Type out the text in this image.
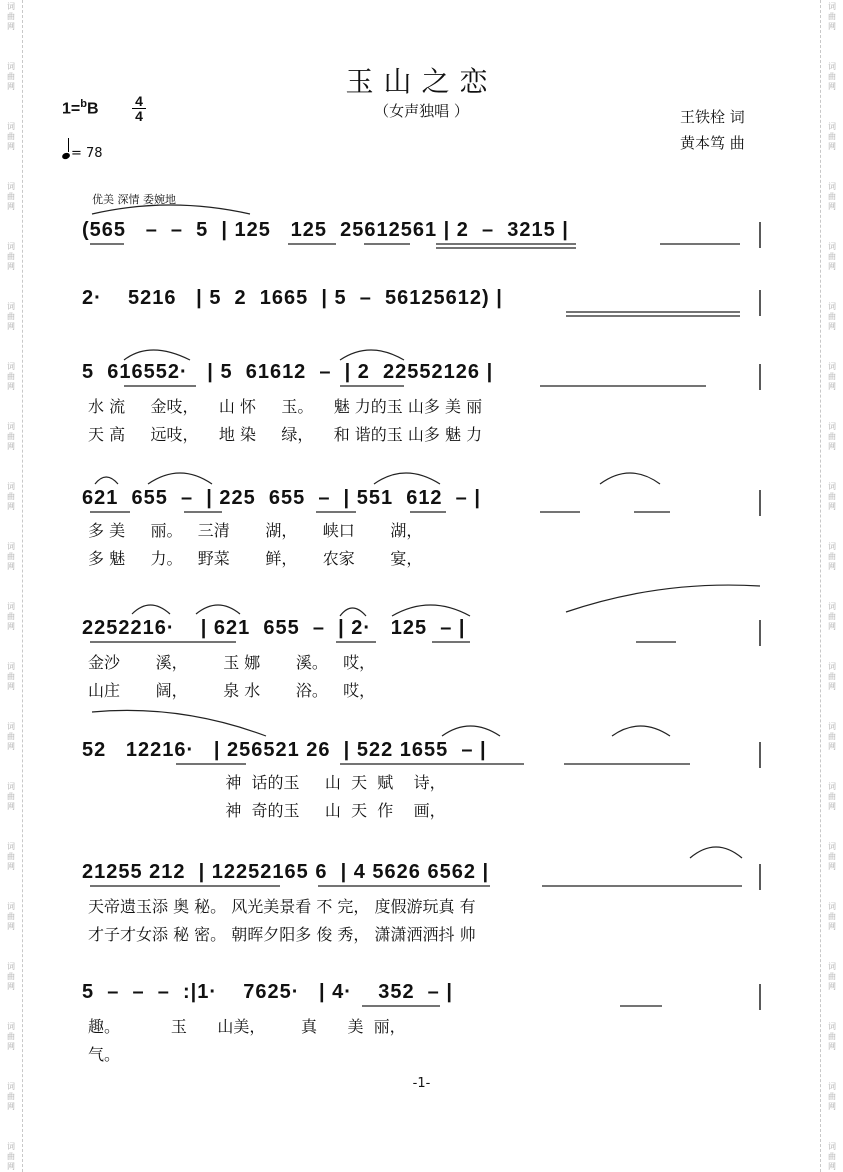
词
曲
网
词
曲
网
词
曲
网
词
曲
网
词
曲
网
词
曲
网
词
曲
网
词
曲
网
词
曲
网
词
曲
网
词
曲
网
词
曲
网
词
曲
网
词
曲
网
词
曲
网
词
曲
网
词
曲
网
词
曲
网
词
曲
网
词
曲
网
词
曲
网
词
曲
网
词
曲
网
词
曲
网
词
曲
网
词
曲
网
词
曲
网
词
曲
网
词
曲
网
词
曲
网
词
曲
网
词
曲
网
词
曲
网
词
曲
网
词
曲
网
词
曲
网
词
曲
网
词
曲
网
词
曲
网
词
曲
网
玉山之恋
（女声独唱 ）	王铁栓 词
黄本笃 曲
1=$^b$B	4
4
= 78
优美 深情 委婉地
(565   –  –  5  | 125   125  25612561 | 2  –  3215 |
2·    5216   | 5  2  1665  | 5  –  56125612) |
5  616552·   | 5  61612  –  | 2  22552126 |
水 流     金吱，    山 怀     玉。    魅 力的玉 山多 美 丽
天 高     远吱，    地 染     绿，    和 谐的玉 山多 魅 力
621  655  –  | 225  655  –  | 551  612  – |
多 美     丽。   三清       湖，     峡口       湖，
多 魅     力。   野菜       鲜，     农家       宴，
2252216·    | 621  655  –  | 2·   125  – |
金沙       溪，       玉 娜       溪。   哎，
山庄       阔，       泉 水       浴。   哎，
52   12216·   | 256521 26  | 522 1655  – |
神  话的玉     山  天  赋    诗，
神  奇的玉     山  天  作    画，
21255 212  | 12252165 6  | 4 5626 6562 |
天帝遗玉添 奥 秘。 风光美景看 不 完， 度假游玩真 有
才子才女添 秘 密。 朝晖夕阳多 俊 秀， 潇潇洒洒抖 帅
5  –  –  –  :|1·    7625·   | 4·    352  – |
趣。          玉      山美，       真      美  丽，
气。
-1-
